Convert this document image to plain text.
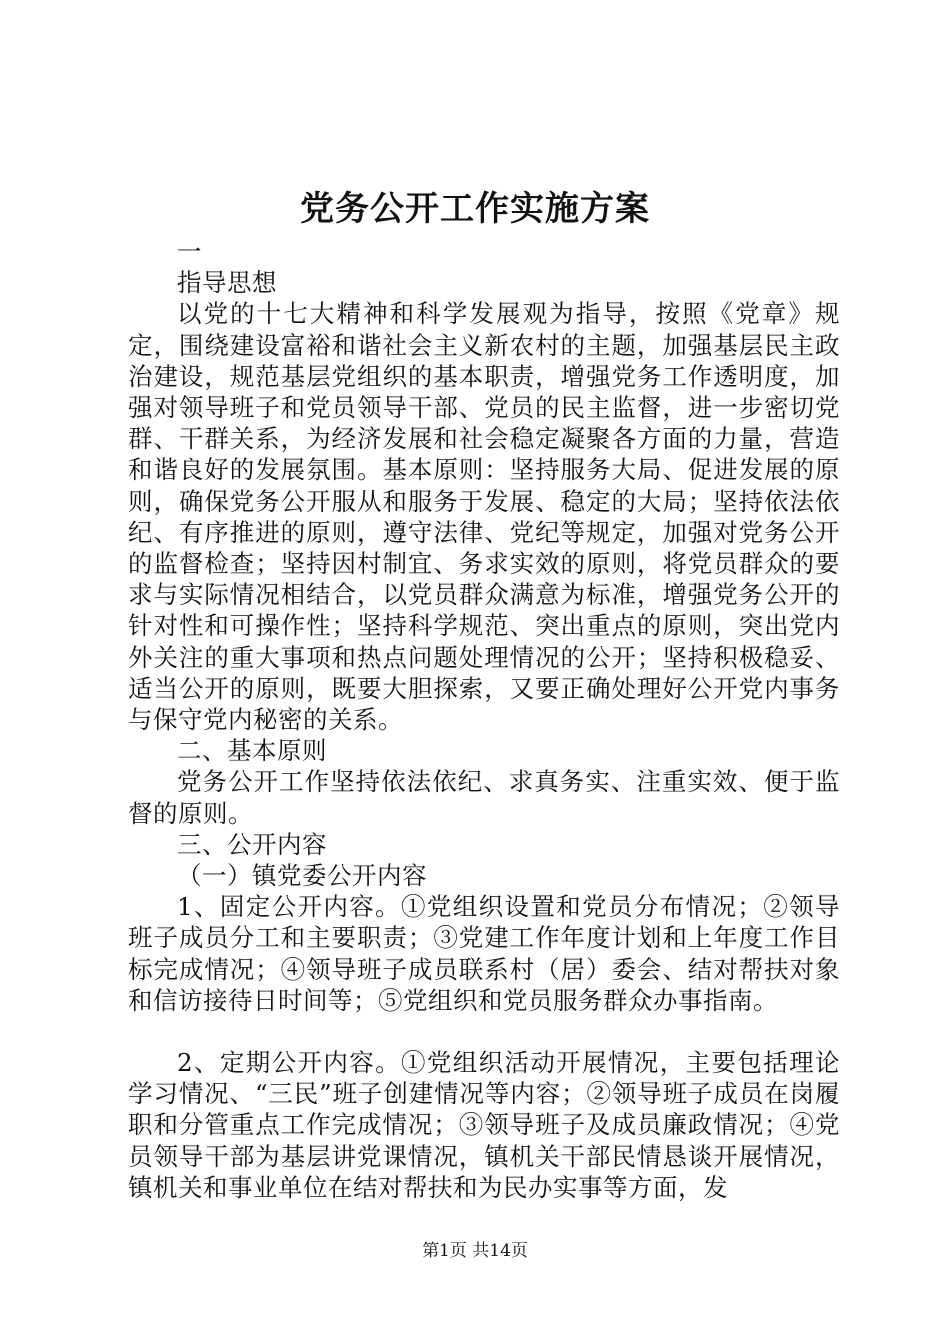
党务公开工作实施方案

一

指导思想

以党的十七大精神和科学发展观为指导，按照《党章》规定，围绕建设富裕和谐社会主义新农村的主题，加强基层民主政治建设，规范基层党组织的基本职责，增强党务工作透明度，加强对领导班子和党员领导干部、党员的民主监督，进一步密切党群、干群关系，为经济发展和社会稳定凝聚各方面的力量，营造和谐良好的发展氛围。基本原则：坚持服务大局、促进发展的原则，确保党务公开服从和服务于发展、稳定的大局；坚持依法依纪、有序推进的原则，遵守法律、党纪等规定，加强对党务公开的监督检查；坚持因村制宜、务求实效的原则，将党员群众的要求与实际情况相结合，以党员群众满意为标准，增强党务公开的针对性和可操作性；坚持科学规范、突出重点的原则，突出党内外关注的重大事项和热点问题处理情况的公开；坚持积极稳妥、适当公开的原则，既要大胆探索，又要正确处理好公开党内事务与保守党内秘密的关系。

二、基本原则

党务公开工作坚持依法依纪、求真务实、注重实效、便于监督的原则。

三、公开内容

（一）镇党委公开内容

1、固定公开内容。①党组织设置和党员分布情况；②领导班子成员分工和主要职责；③党建工作年度计划和上年度工作目标完成情况；④领导班子成员联系村（居）委会、结对帮扶对象和信访接待日时间等；⑤党组织和党员服务群众办事指南。

2、定期公开内容。①党组织活动开展情况，主要包括理论学习情况、“三民”班子创建情况等内容；②领导班子成员在岗履职和分管重点工作完成情况；③领导班子及成员廉政情况；④党员领导干部为基层讲党课情况，镇机关干部民情恳谈开展情况，镇机关和事业单位在结对帮扶和为民办实事等方面，发

第1页 共14页
